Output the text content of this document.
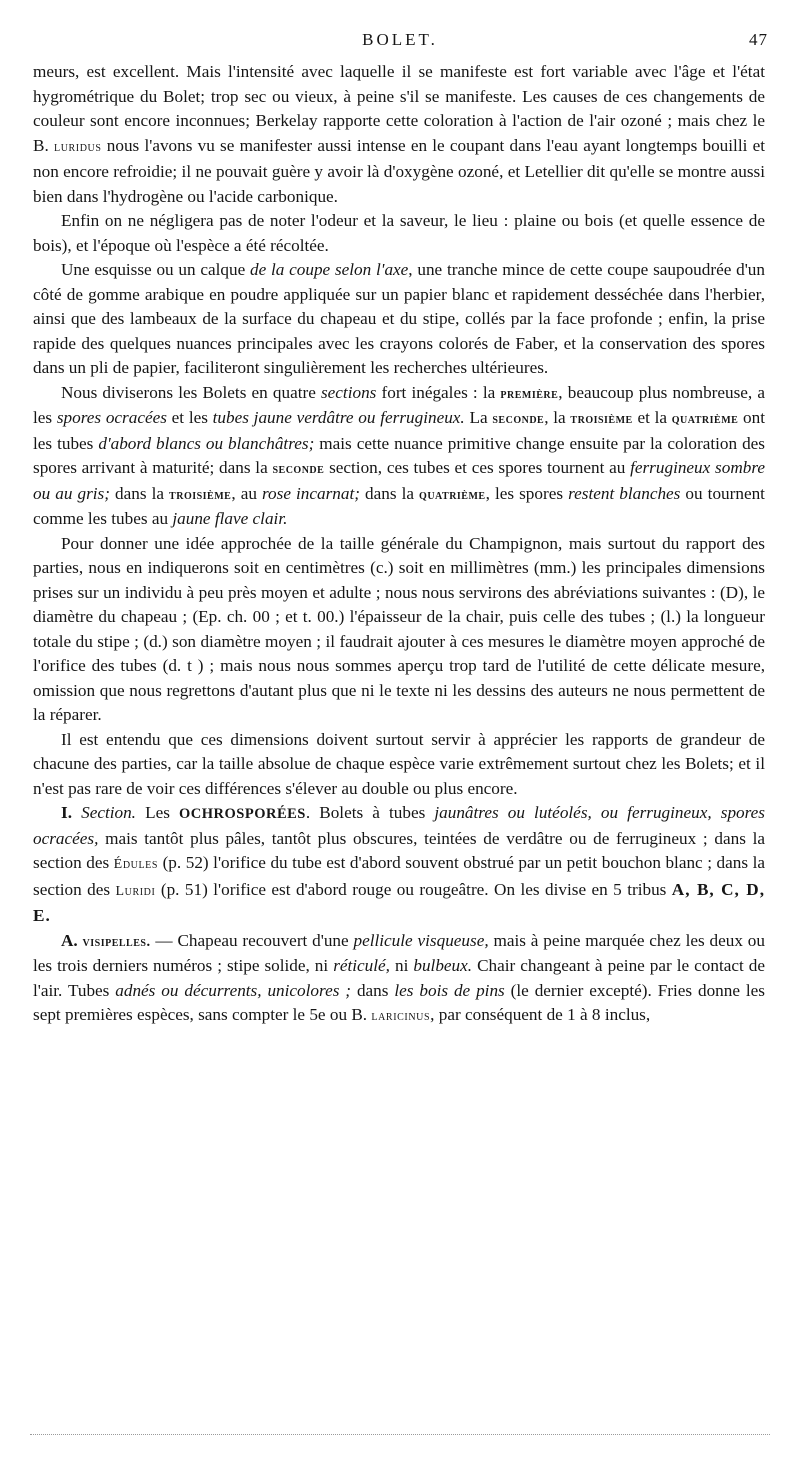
BOLET.	47

meurs, est excellent. Mais l'intensité avec laquelle il se manifeste est fort variable avec l'âge et l'état hygrométrique du Bolet; trop sec ou vieux, à peine s'il se manifeste. Les causes de ces changements de couleur sont encore inconnues; Berkelay rapporte cette coloration à l'action de l'air ozoné ; mais chez le B. luridus nous l'avons vu se manifester aussi intense en le coupant dans l'eau ayant longtemps bouilli et non encore refroidie; il ne pouvait guère y avoir là d'oxygène ozoné, et Letellier dit qu'elle se montre aussi bien dans l'hydrogène ou l'acide carbonique.

Enfin on ne négligera pas de noter l'odeur et la saveur, le lieu : plaine ou bois (et quelle essence de bois), et l'époque où l'espèce a été récoltée.

Une esquisse ou un calque de la coupe selon l'axe, une tranche mince de cette coupe saupoudrée d'un côté de gomme arabique en poudre appliquée sur un papier blanc et rapidement desséchée dans l'herbier, ainsi que des lambeaux de la surface du chapeau et du stipe, collés par la face profonde ; enfin, la prise rapide des quelques nuances principales avec les crayons colorés de Faber, et la conservation des spores dans un pli de papier, faciliteront singulièrement les recherches ultérieures.

Nous diviserons les Bolets en quatre sections fort inégales : la première, beaucoup plus nombreuse, a les spores ocracées et les tubes jaune verdâtre ou ferrugineux. La seconde, la troisième et la quatrième ont les tubes d'abord blancs ou blanchâtres; mais cette nuance primitive change ensuite par la coloration des spores arrivant à maturité; dans la seconde section, ces tubes et ces spores tournent au ferrugineux sombre ou au gris; dans la troisième, au rose incarnat; dans la quatrième, les spores restent blanches ou tournent comme les tubes au jaune flave clair.

Pour donner une idée approchée de la taille générale du Champignon, mais surtout du rapport des parties, nous en indiquerons soit en centimètres (c.) soit en millimètres (mm.) les principales dimensions prises sur un individu à peu près moyen et adulte ; nous nous servirons des abréviations suivantes : (D), le diamètre du chapeau ; (Ep. ch. 00 ; et t. 00.) l'épaisseur de la chair, puis celle des tubes ; (l.) la longueur totale du stipe ; (d.) son diamètre moyen ; il faudrait ajouter à ces mesures le diamètre moyen approché de l'orifice des tubes (d. t ) ; mais nous nous sommes aperçu trop tard de l'utilité de cette délicate mesure, omission que nous regrettons d'autant plus que ni le texte ni les dessins des auteurs ne nous permettent de la réparer.

Il est entendu que ces dimensions doivent surtout servir à apprécier les rapports de grandeur de chacune des parties, car la taille absolue de chaque espèce varie extrêmement surtout chez les Bolets; et il n'est pas rare de voir ces différences s'élever au double ou plus encore.

I. Section. Les OCHROSPORÉES. Bolets à tubes jaunâtres ou lutéolés, ou ferrugineux, spores ocracées, mais tantôt plus pâles, tantôt plus obscures, teintées de verdâtre ou de ferrugineux ; dans la section des Édules (p. 52) l'orifice du tube est d'abord souvent obstrué par un petit bouchon blanc ; dans la section des Luridi (p. 51) l'orifice est d'abord rouge ou rougeâtre. On les divise en 5 tribus A, B, C, D, E.

A. visipelles. — Chapeau recouvert d'une pellicule visqueuse, mais à peine marquée chez les deux ou les trois derniers numéros ; stipe solide, ni réticulé, ni bulbeux. Chair changeant à peine par le contact de l'air. Tubes adnés ou décurrents, unicolores ; dans les bois de pins (le dernier excepté). Fries donne les sept premières espèces, sans compter le 5e ou B. laricinus, par conséquent de 1 à 8 inclus,
